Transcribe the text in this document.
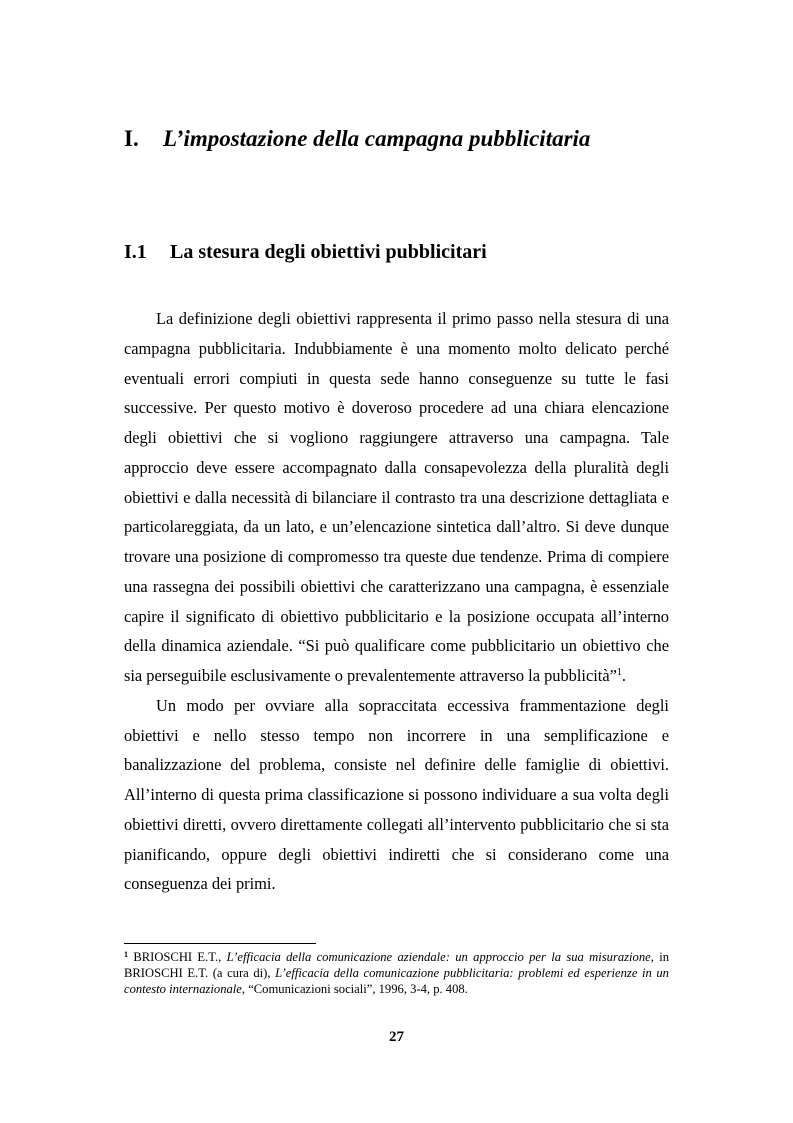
I. L’impostazione della campagna pubblicitaria
I.1 La stesura degli obiettivi pubblicitari

La definizione degli obiettivi rappresenta il primo passo nella stesura di una campagna pubblicitaria. Indubbiamente è una momento molto delicato perché eventuali errori compiuti in questa sede hanno conseguenze su tutte le fasi successive. Per questo motivo è doveroso procedere ad una chiara elencazione degli obiettivi che si vogliono raggiungere attraverso una campagna. Tale approccio deve essere accompagnato dalla consapevolezza della pluralità degli obiettivi e dalla necessità di bilanciare il contrasto tra una descrizione dettagliata e particolareggiata, da un lato, e un’elencazione sintetica dall’altro. Si deve dunque trovare una posizione di compromesso tra queste due tendenze. Prima di compiere una rassegna dei possibili obiettivi che caratterizzano una campagna, è essenziale capire il significato di obiettivo pubblicitario e la posizione occupata all’interno della dinamica aziendale. “Si può qualificare come pubblicitario un obiettivo che sia perseguibile esclusivamente o prevalentemente attraverso la pubblicità”$^1$.

Un modo per ovviare alla sopraccitata eccessiva frammentazione degli obiettivi e nello stesso tempo non incorrere in una semplificazione e banalizzazione del problema, consiste nel definire delle famiglie di obiettivi. All’interno di questa prima classificazione si possono individuare a sua volta degli obiettivi diretti, ovvero direttamente collegati all’intervento pubblicitario che si sta pianificando, oppure degli obiettivi indiretti che si considerano come una conseguenza dei primi.

$^1$ BRIOSCHI E.T., L’efficacia della comunicazione aziendale: un approccio per la sua misurazione, in BRIOSCHI E.T. (a cura di), L’efficacia della comunicazione pubblicitaria: problemi ed esperienze in un contesto internazionale, “Comunicazioni sociali”, 1996, 3-4, p. 408.

27
